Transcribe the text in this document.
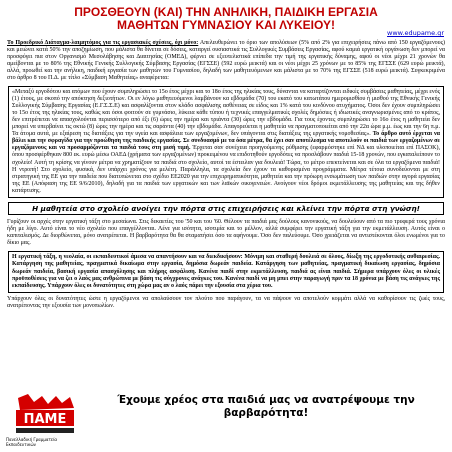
ΠΡΟΣΘΕΟΥΝ (ΚΑΙ) ΤΗΝ ΑΝΗΛΙΚΗ, ΠΑΙΔΙΚΗ ΕΡΓΑΣΙΑ
ΜΑΘΗΤΩΝ ΓΥΜΝΑΣΙΟΥ ΚΑΙ ΛΥΚΕΙΟΥ!
www.edupame.gr
Το Προεδρικό Διάταγμα-λαιμητόμος για τις εργασιακές σχέσεις, όχι μόνο: Απελευθερώνει το όριο των απολύσεων (5% από 2% για επιχειρήσεις πάνω από 150 εργαζόμενους) και μειώνει κατά 50% την αποζημίωση, που μάλιστα θα δίνεται σε δόσεις, καταργεί ουσιαστικά τις Συλλογικές Συμβάσεις Εργασίας, αφού καμιά εργατική οργάνωση δεν μπορεί να προσφύγει πια στον Οργανισμό Μεσολάβησης και Διαιτησίας (ΟΜΕΔ), φέρνει σε εξευτελιστικά επίπεδα την τιμή της εργατικής δύναμης, αφού οι νέοι μέχρι 21 χρονών θα αμείβονται με το 80% της Εθνικής Γενικής Συλλογικής Σύμβασης Εργασίας (ΕΓΣΣΕ) (592 ευρώ μεικτά) και οι νέοι μέχρι 25 χρόνων με το 85% της ΕΓΣΣΕ (629 ευρώ μεικτά), αλλά, προωθεί και την ανήλικη, παιδική εργασία των μαθητών του Γυμνασίου, δηλαδή των μαθητευόμενων και μάλιστα με το 70% της ΕΓΣΣΕ (518 ευρώ μεικτά). Συγκεκριμένα στο άρθρο 8 του Π.Δ. με τίτλο «Σύμβαση Μαθητείας» αναφέρεται:
«Μεταξύ εργοδότου και ατόμων που έχουν συμπληρώσει το 15ο έτος μέχρι και το 18ο έτος της ηλικίας τους, δύνανται να καταρτίζονται ειδικές συμβάσεις μαθητείας, μέχρι ενός (1) έτους, με σκοπό την απόκτηση δεξιοτήτων. Οι εν λόγω μαθητευόμενοι λαμβάνουν κα εβδομάδα (70) του εκατό του κατωτάτου ημερομισθίου ή μισθού της Εθνικής Γενικής Συλλογικής Σύμβασης Εργασίας (Ε.Γ.Σ.Σ.Ε) και ασφαλίζονται στον κλάδο ασφάλισης ασθένειας σε είδος και 1% κατά του κινδύνου ατυχήματος. Όσοι δεν έχουν συμπληρώσει το 15ο έτος της ηλικίας τους, καθώς και όσοι φοιτούν σε γυμνάσιο, λύκεια κάθε τύπου ή τεχνικές επαγγελματικές σχολές δημόσιες ή ιδιωτικές αναγνωρισμένες από το κράτος, δεν επιτρέπεται να απασχολούνται περισσότερο από έξι (6) ώρες την ημέρα και τριάντα (30) ώρες την εβδομάδα. Για τους έχοντες συμπληρώσει το 16ο έτος η μαθητεία δεν μπορεί να υπερβαίνει τις οκτώ (8) ώρες την ημέρα και τις σαράντα (40) την εβδομάδα. Απαγορεύεται η μαθητεία να πραγματοποιείται από την 22α ώρα μ.μ. έως και την 6η π.μ. Τα άτομα αυτά, με εξαίρεση τις διατάξεις για την υγεία και ασφάλεια των εργαζομένων, δεν υπάγονται στις διατάξεις της εργατικής νομοθεσίας». Το άρθρο αυτό έρχεται να βάλει και την σφραγίδα για την προώθηση της παιδικής εργασίας. Σε συνδυασμό με τα όσα μέτρα, θα έχει σαν αποτέλεσμα να αποτελούν οι παιδιά των εργαζομένων σε εργαζόμενους και να προσαρμόζονται τα παιδιά τους στη μισή τιμή. Έρχεται σαν συνέχεια προηγούμενης ρύθμισης (εφαρμόστηκε επί ΝΔ και υλοποιείται επί ΠΑΣΟΚ), όπου προσφέρθηκαν 800 εκ. ευρώ μέσω ΟΑΕΔ (χρήματα των εργαζομένων) προκειμένου να επιδοτηθούν εργοδότες να προσλάβουν παιδιά 15-18 χρονών, που εγκαταλείπουν το σχολείο! Αυτή τη κρίσης να γίνουν μέτρα να χρηματίζουν τα παιδιά στο σχολείο, αυτοί τα έστειλαν για δουλειά! Τώρα, το μέτρο επεκτείνεται και σε όλα τα εργαζόμενα παιδιά! Η ντροπή! Στο σχολείο, φυσικά, δεν υπάρχει χρόνος για μελέτη. Παράλληλα, τα σχολεία δεν έχουν τα καθορισμένα προγράμματα. Μέτρα τέτοια συνοδεύονται με στη στρατηγική της ΕΕ για την παιδεία που διατυπώνεται στο σχέδιο ΕΕ2020 για την επιχειρηματικότητα, μαθητεία και την πρόωρη ενσωμάτωση των παιδιών στην αγορά εργασίας της ΕΕ (Απόφαση της ΕΕ 9/6/2010), δηλαδή για τα παιδιά των εργατικών και των λαϊκών οικογενειών. Ανοίγουν νέοι δρόμοι εκμετάλλευσης της μαθητείας και της δήθεν κατάρτισης.
Η μαθητεία στο σχολείο ανοίγει την πόρτα στις επιχειρήσεις και κλείνει την πόρτα στη γνώση!
Γυρίζουν οι αρχές στην εργατική τάξη στο μεσαίωνα. Στις δεκαετίες του '50 και του '60. Θέλουν τα παιδιά μας δούλους κανονικούς, να δουλεύουν από τα πιο τρυφερά τους χρόνια ήδη με λίγο. Αυτό είναι το νέο σχολείο που επαγγέλλονται. Λένε για ισότητα, ισοτιμία και το μέλλον, αλλά συμφέρει την εργατική τάξη για την εκμετάλλευση. Αυτός είναι ο καπιταλισμός. Δε διορθώνεται, μόνο ανατρέπεται. Η βαρβαρότητα θα θα σταματήσει όσο τα αφήνουμε. Όσο δεν παλεύουμε. Όσο χρειάζεται να αντιστέκονται όλοι ενωμένοι για το δίκιο μας.
Η εργατική τάξη, η νεολαία, οι εκπαιδευτικοί άμεσα να απαντήσουν και να διεκδικήσουν: Μόνιμη και σταθερή δουλειά σε όλους, δίωξη της εργοδοτικής αυθαιρεσίας. Κατάργηση της μαθητείας, πραγματικά δικαίωμα στην εργασία, δημόσια δωρεάν παιδεία. Κατάργηση των μαθητείας, πραγματική δικαίωση εργασίας, δημόσια δωρεάν παιδεία, βασική εργασία απασχόλησης και πλήρης ασφάλιση. Κανένα παιδί στην εκμετάλλευση, παιδιά ας είναι παιδιά. Σήμερα υπάρχουν όλες οι υλικές προϋποθέσεις για να ζει ο λαός μας ανθρώπινα με βάση τις σύγχρονες ανάγκες του. Κανένα παιδί να μη μπει στην παραγωγή πριν τα 18 χρόνια με βάση τις ανάγκες της εκπαίδευσης. Υπάρχουν όλες οι δυνατότητες στη χώρα μας αν ο λαός πάρει την εξουσία στα χέρια του.
Υπάρχουν όλες οι δυνατότητες ώστε η εργαζόμενοι να απολαύσουν τον πλούτο που παράγουν, τα να πάψουν να αποτελούν κομμάτι αλλά να καθορίσουν τις ζωές τους, ανατρέποντας την εξουσία των μονοπωλίων.
ΠΑΜΕ
Πανελλαδική Γραμματεία Εκπαιδευτικών
Έχουμε χρέος στα παιδιά μας να ανατρέψουμε την
βαρβαρότητα!
